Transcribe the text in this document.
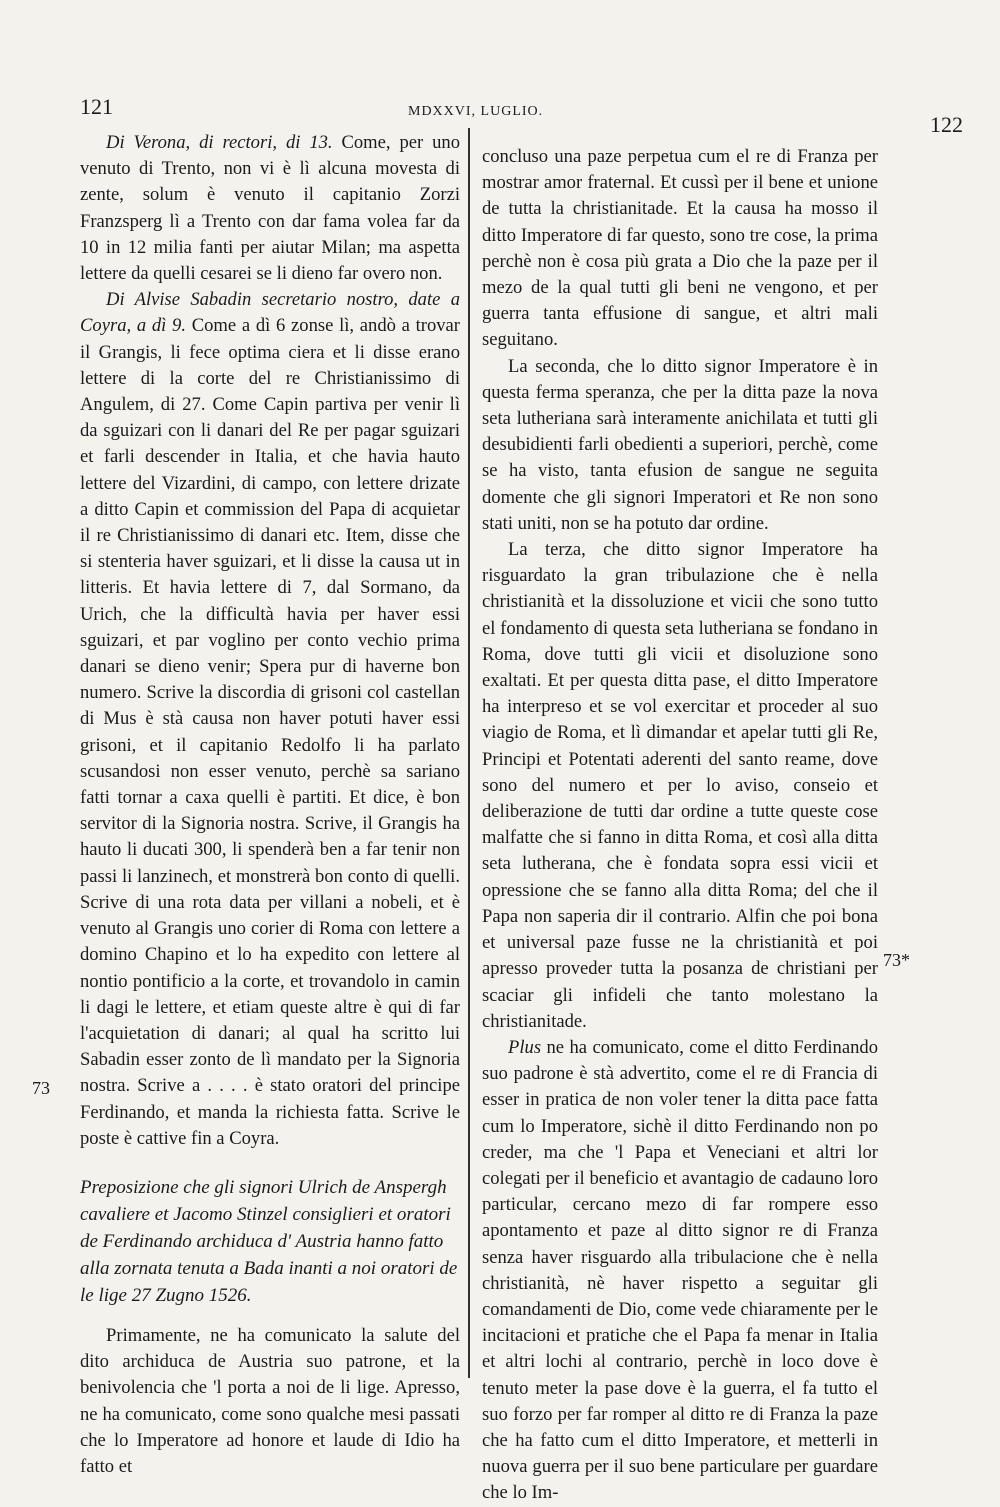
121	MDXXVI, LUGLIO.
122
73
73*

Di Verona, di rectori, di 13. Come, per uno venuto di Trento, non vi è lì alcuna movesta di zente, solum è venuto il capitanio Zorzi Franzsperg lì a Trento con dar fama volea far da 10 in 12 milia fanti per aiutar Milan; ma aspetta lettere da quelli cesarei se li dieno far overo non.

Di Alvise Sabadin secretario nostro, date a Coyra, a dì 9. Come a dì 6 zonse lì, andò a trovar il Grangis, li fece optima ciera et li disse erano lettere di la corte del re Christianissimo di Angulem, di 27. Come Capin partiva per venir lì da sguizari con li danari del Re per pagar sguizari et farli descender in Italia, et che havia hauto lettere del Vizardini, di campo, con lettere drizate a ditto Capin et commission del Papa di acquietar il re Christianissimo di danari etc. Item, disse che si stenteria haver sguizari, et li disse la causa ut in litteris. Et havia lettere di 7, dal Sormano, da Urich, che la difficultà havia per haver essi sguizari, et par voglino per conto vechio prima danari se dieno venir; Spera pur di haverne bon numero. Scrive la discordia di grisoni col castellan di Mus è stà causa non haver potuti haver essi grisoni, et il capitanio Redolfo li ha parlato scusandosi non esser venuto, perchè sa sariano fatti tornar a caxa quelli è partiti. Et dice, è bon servitor di la Signoria nostra. Scrive, il Grangis ha hauto li ducati 300, li spenderà ben a far tenir non passi li lanzinech, et monstrerà bon conto di quelli. Scrive di una rota data per villani a nobeli, et è venuto al Grangis uno corier di Roma con lettere a domino Chapino et lo ha expedito con lettere al nontio pontificio a la corte, et trovandolo in camin li dagi le lettere, et etiam queste altre è qui di far l'acquietation di danari; al qual ha scritto lui Sabadin esser zonto de lì mandato per la Signoria nostra. Scrive a . . . . è stato oratori del principe Ferdinando, et manda la richiesta fatta. Scrive le poste è cattive fin a Coyra.

Preposizione che gli signori Ulrich de Anspergh cavaliere et Jacomo Stinzel consiglieri et oratori de Ferdinando archiduca d' Austria hanno fatto alla zornata tenuta a Bada inanti a noi oratori de le lige 27 Zugno 1526.

Primamente, ne ha comunicato la salute del dito archiduca de Austria suo patrone, et la benivolencia che 'l porta a noi de li lige. Apresso, ne ha comunicato, come sono qualche mesi passati che lo Imperatore ad honore et laude di Idio ha fatto et

concluso una paze perpetua cum el re di Franza per mostrar amor fraternal. Et cussì per il bene et unione de tutta la christianitade. Et la causa ha mosso il ditto Imperatore di far questo, sono tre cose, la prima perchè non è cosa più grata a Dio che la paze per il mezo de la qual tutti gli beni ne vengono, et per guerra tanta effusione di sangue, et altri mali seguitano.

La seconda, che lo ditto signor Imperatore è in questa ferma speranza, che per la ditta paze la nova seta lutheriana sarà interamente anichilata et tutti gli desubidienti farli obedienti a superiori, perchè, come se ha visto, tanta efusion de sangue ne seguita domente che gli signori Imperatori et Re non sono stati uniti, non se ha potuto dar ordine.

La terza, che ditto signor Imperatore ha risguardato la gran tribulazione che è nella christianità et la dissoluzione et vicii che sono tutto el fondamento di questa seta lutheriana se fondano in Roma, dove tutti gli vicii et disoluzione sono exaltati. Et per questa ditta pase, el ditto Imperatore ha interpreso et se vol exercitar et proceder al suo viagio de Roma, et lì dimandar et apelar tutti gli Re, Principi et Potentati aderenti del santo reame, dove sono del numero et per lo aviso, conseio et deliberazione de tutti dar ordine a tutte queste cose malfatte che si fanno in ditta Roma, et così alla ditta seta lutherana, che è fondata sopra essi vicii et opressione che se fanno alla ditta Roma; del che il Papa non saperia dir il contrario. Alfin che poi bona et universal paze fusse ne la christianità et poi apresso proveder tutta la posanza de christiani per scaciar gli infideli che tanto molestano la christianitade.

Plus ne ha comunicato, come el ditto Ferdinando suo padrone è stà advertito, come el re di Francia di esser in pratica de non voler tener la ditta pace fatta cum lo Imperatore, sichè il ditto Ferdinando non po creder, ma che 'l Papa et Veneciani et altri lor colegati per il beneficio et avantagio de cadauno loro particular, cercano mezo di far rompere esso apontamento et paze al ditto signor re di Franza senza haver risguardo alla tribulacione che è nella christianità, nè haver rispetto a seguitar gli comandamenti de Dio, come vede chiaramente per le incitacioni et pratiche che el Papa fa menar in Italia et altri lochi al contrario, perchè in loco dove è tenuto meter la pase dove è la guerra, el fa tutto el suo forzo per far romper al ditto re di Franza la paze che ha fatto cum el ditto Imperatore, et metterli in nuova guerra per il suo bene particulare per guardare che lo Im-
